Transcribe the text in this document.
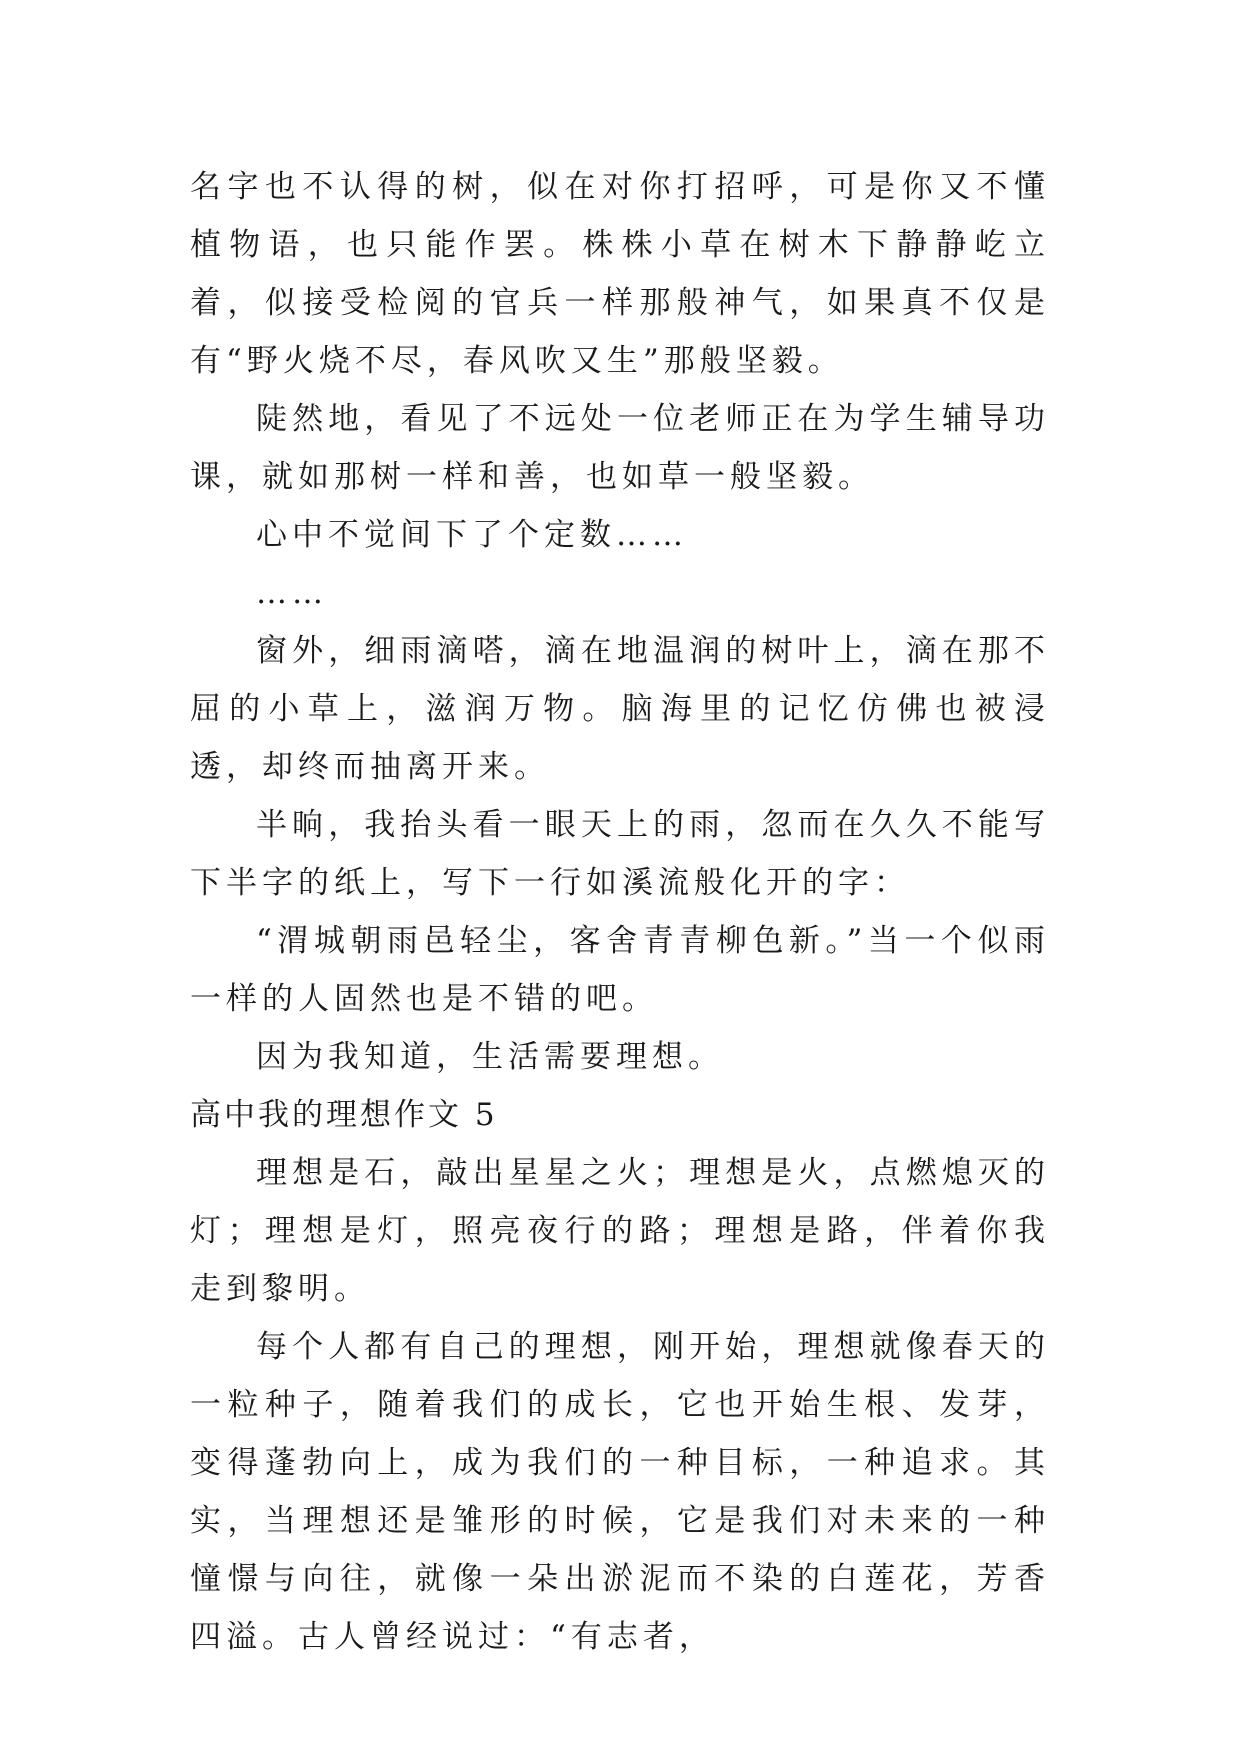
名字也不认得的树，似在对你打招呼，可是你又不懂植物语，也只能作罢。株株小草在树木下静静屹立着，似接受检阅的官兵一样那般神气，如果真不仅是有“野火烧不尽，春风吹又生”那般坚毅。

陡然地，看见了不远处一位老师正在为学生辅导功课，就如那树一样和善，也如草一般坚毅。

心中不觉间下了个定数……

……

窗外，细雨滴嗒，滴在地温润的树叶上，滴在那不屈的小草上，滋润万物。脑海里的记忆仿佛也被浸透，却终而抽离开来。

半晌，我抬头看一眼天上的雨，忽而在久久不能写下半字的纸上，写下一行如溪流般化开的字：

“渭城朝雨邑轻尘，客舍青青柳色新。”当一个似雨一样的人固然也是不错的吧。

因为我知道，生活需要理想。

高中我的理想作文 5

理想是石，敲出星星之火；理想是火，点燃熄灭的灯；理想是灯，照亮夜行的路；理想是路，伴着你我走到黎明。

每个人都有自己的理想，刚开始，理想就像春天的一粒种子，随着我们的成长，它也开始生根、发芽，变得蓬勃向上，成为我们的一种目标，一种追求。其实，当理想还是雏形的时候，它是我们对未来的一种憧憬与向往，就像一朵出淤泥而不染的白莲花，芳香四溢。古人曾经说过：“有志者，
